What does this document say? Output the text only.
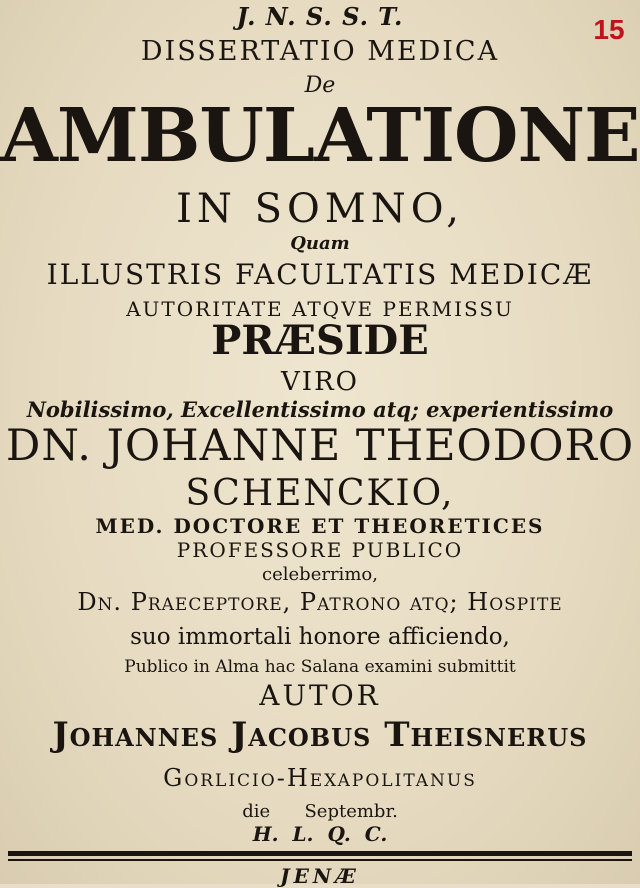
15
J. N. S. S. T.
DISSERTATIO MEDICA
De
AMBULATIONE
IN SOMNO,
Quam
ILLUSTRIS FACULTATIS MEDICÆ
AUTORITATE ATQVE PERMISSU
PRÆSIDE
VIRO
Nobilissimo, Excellentissimo atq; experientissimo
DN. JOHANNE THEODORO
SCHENCKIO,
MED. DOCTORE ET THEORETICES
PROFESSORE PUBLICO
celeberrimo,
Dn. Praeceptore, Patrono atq; Hospite
suo immortali honore afficiendo,
Publico in Alma hac Salana examini submittit
AUTOR
Johannes Jacobus Theisnerus
Gorlicio-Hexapolitanus
die      Septembr.
H.  L.  Q.  C.
JENÆ
